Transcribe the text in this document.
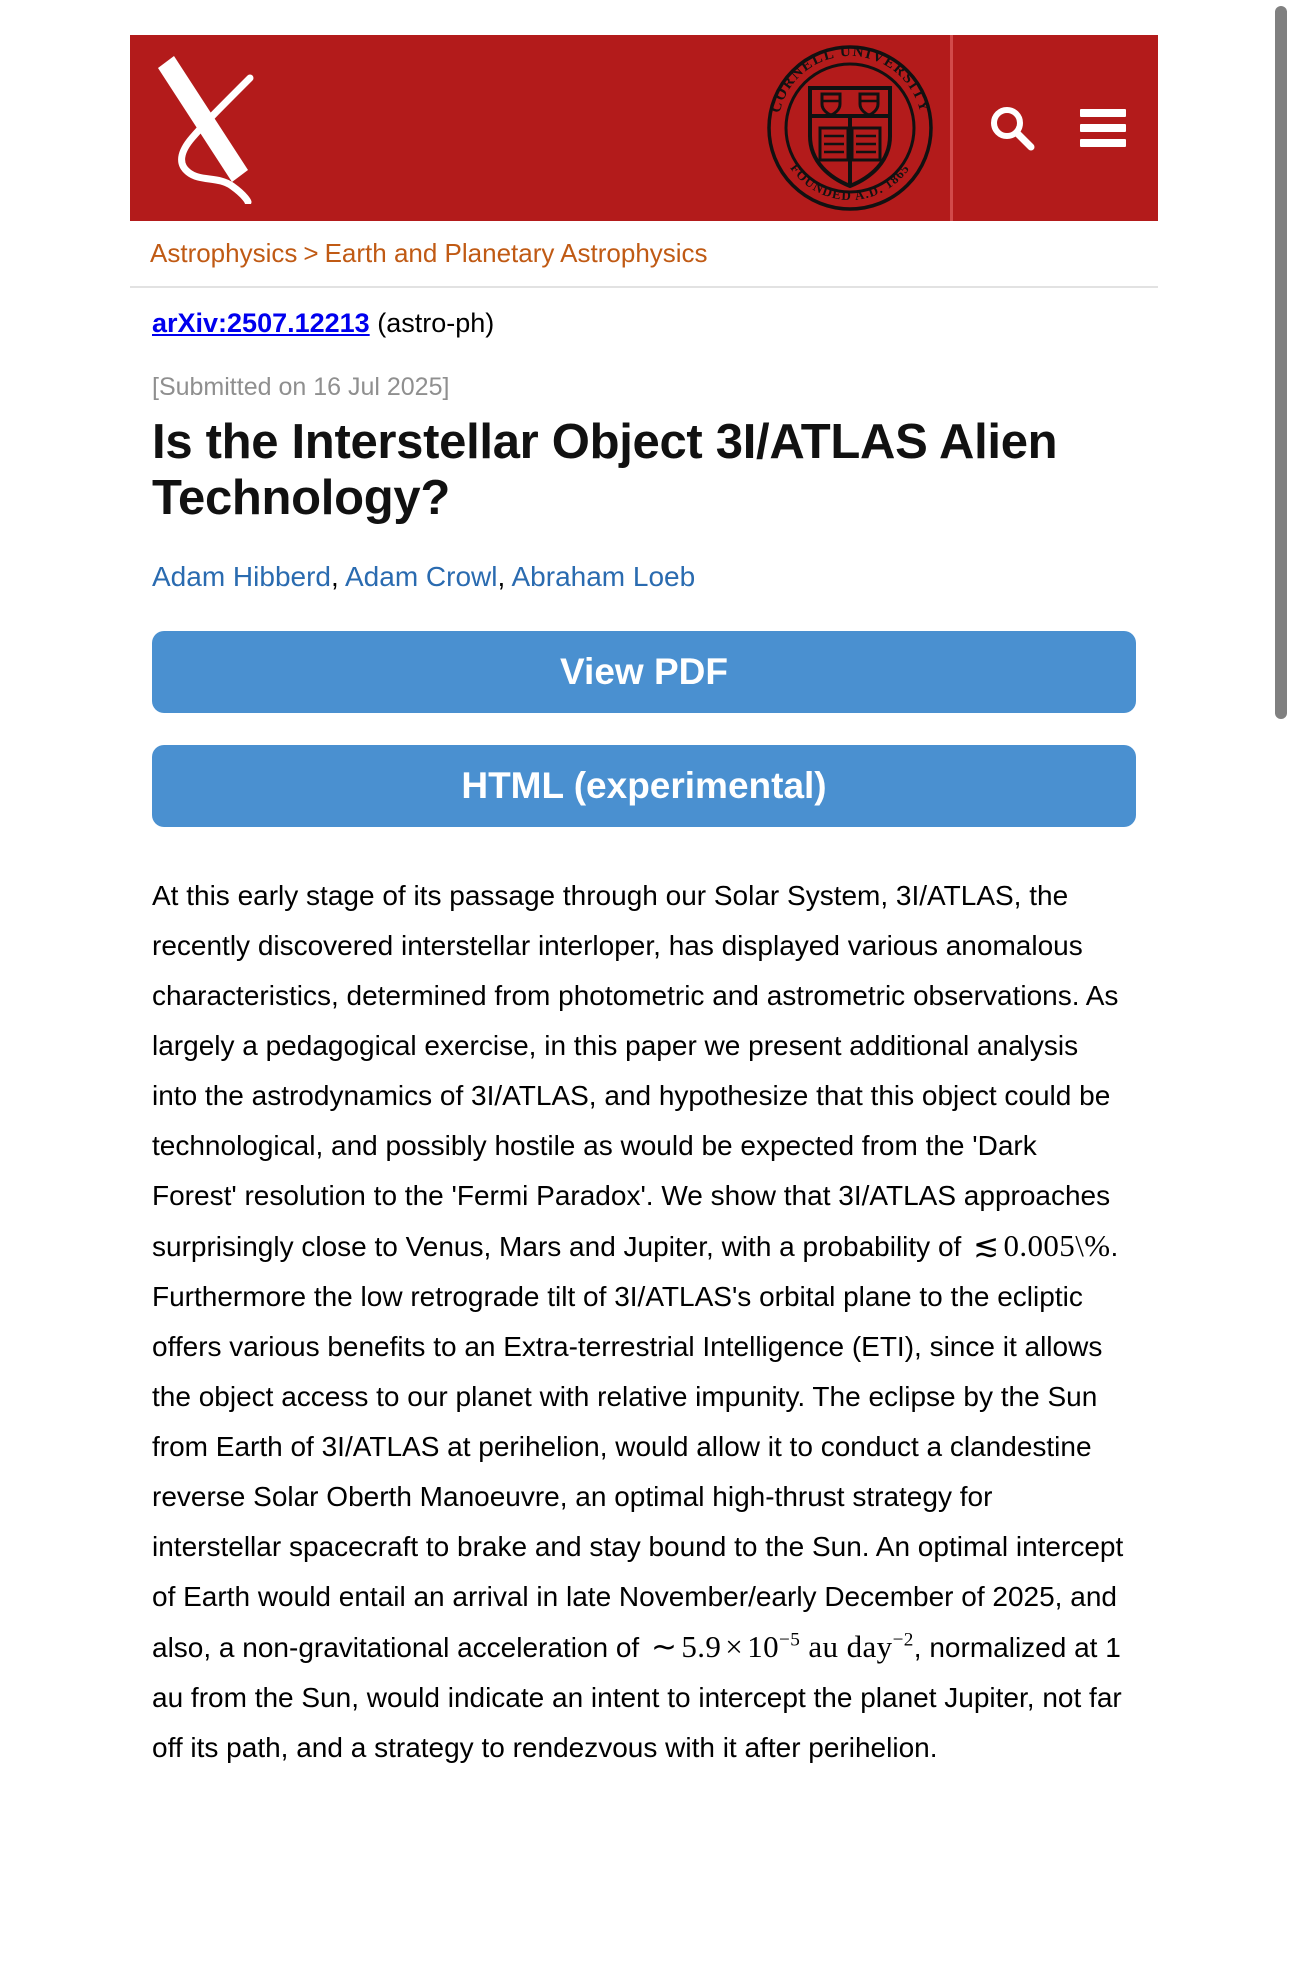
CORNELL UNIVERSITY
FOUNDED A.D. 1865
Astrophysics > Earth and Planetary Astrophysics
arXiv:2507.12213 (astro-ph)
[Submitted on 16 Jul 2025]
Is the Interstellar Object 3I/ATLAS Alien Technology?
Adam Hibberd, Adam Crowl, Abraham Loeb
View PDF
HTML (experimental)
At this early stage of its passage through our Solar System, 3I/ATLAS, the recently discovered interstellar interloper, has displayed various anomalous characteristics, determined from photometric and astrometric observations. As largely a pedagogical exercise, in this paper we present additional analysis into the astrodynamics of 3I/ATLAS, and hypothesize that this object could be technological, and possibly hostile as would be expected from the 'Dark Forest' resolution to the 'Fermi Paradox'. We show that 3I/ATLAS approaches surprisingly close to Venus, Mars and Jupiter, with a probability of ≲ 0.005\%. Furthermore the low retrograde tilt of 3I/ATLAS's orbital plane to the ecliptic offers various benefits to an Extra-terrestrial Intelligence (ETI), since it allows the object access to our planet with relative impunity. The eclipse by the Sun from Earth of 3I/ATLAS at perihelion, would allow it to conduct a clandestine reverse Solar Oberth Manoeuvre, an optimal high-thrust strategy for interstellar spacecraft to brake and stay bound to the Sun. An optimal intercept of Earth would entail an arrival in late November/early December of 2025, and also, a non-gravitational acceleration of ∼ $5.9 \times 10^{-5}$ au day$^{-2}$, normalized at 1 au from the Sun, would indicate an intent to intercept the planet Jupiter, not far off its path, and a strategy to rendezvous with it after perihelion.
